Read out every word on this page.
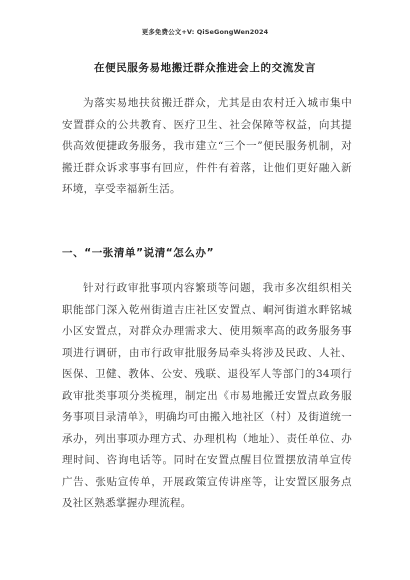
更多免费公文+V: QiSeGongWen2024
在便民服务易地搬迁群众推进会上的交流发言

为落实易地扶贫搬迁群众，尤其是由农村迁入城市集中安置群众的公共教育、医疗卫生、社会保障等权益，向其提供高效便捷政务服务，我市建立“三个一”便民服务机制，对搬迁群众诉求事事有回应，件件有着落，让他们更好融入新环境，享受幸福新生活。

一、“一张清单”说清“怎么办”

针对行政审批事项内容繁琐等问题，我市多次组织相关职能部门深入乾州街道吉庄社区安置点、峒河街道水畔铭城小区安置点，对群众办理需求大、使用频率高的政务服务事项进行调研，由市行政审批服务局牵头将涉及民政、人社、医保、卫健、教体、公安、残联、退役军人等部门的34项行政审批类事项分类梳理，制定出《市易地搬迁安置点政务服务事项目录清单》，明确均可由搬入地社区（村）及街道统一承办，列出事项办理方式、办理机构（地址）、责任单位、办理时间、咨询电话等。同时在安置点醒目位置摆放清单宣传广告、张贴宣传单，开展政策宣传讲座等，让安置区服务点及社区熟悉掌握办理流程。
